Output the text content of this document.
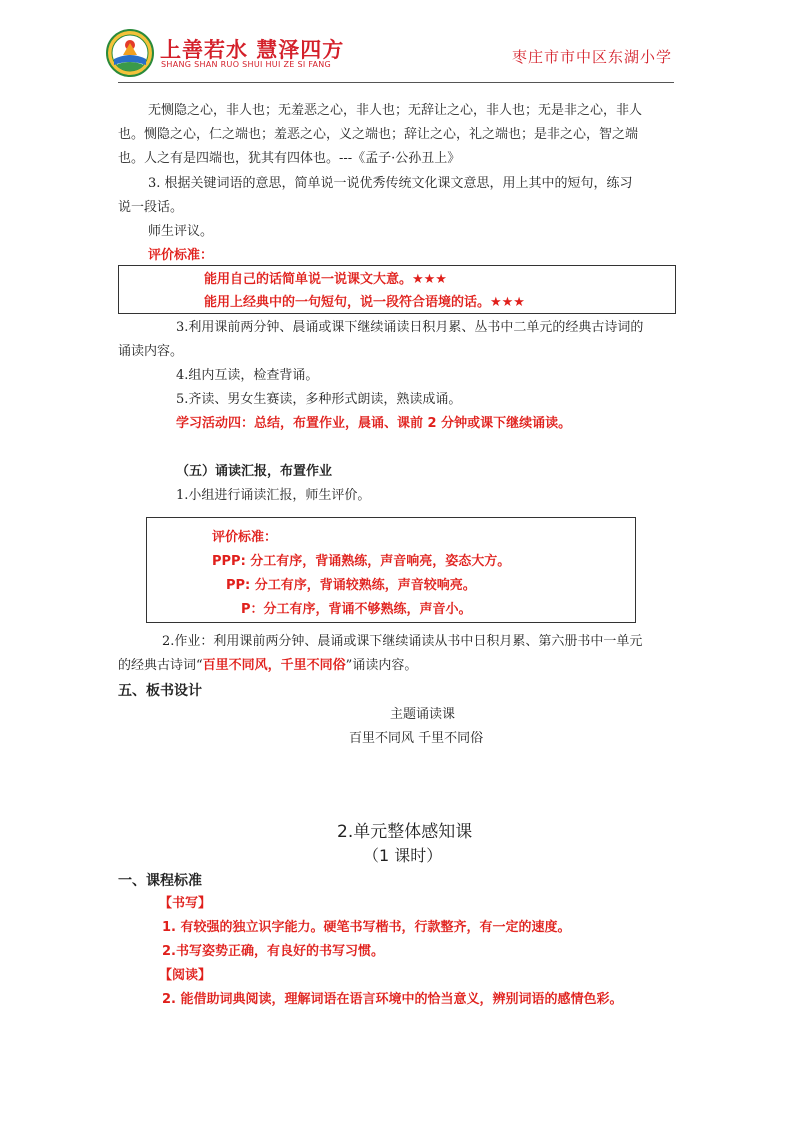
上善若水 慧泽四方
SHANG SHAN RUO SHUI HUI ZE SI FANG	枣庄市市中区东湖小学
无恻隐之心，非人也；无羞恶之心，非人也；无辞让之心，非人也；无是非之心，非人
也。恻隐之心，仁之端也；羞恶之心，义之端也；辞让之心，礼之端也；是非之心，智之端
也。人之有是四端也，犹其有四体也。---《孟子·公孙丑上》
3. 根据关键词语的意思，简单说一说优秀传统文化课文意思，用上其中的短句，练习
说一段话。
师生评议。
评价标准：
能用自己的话简单说一说课文大意。★★★
能用上经典中的一句短句，说一段符合语境的话。★★★
3.利用课前两分钟、晨诵或课下继续诵读日积月累、丛书中二单元的经典古诗词的
诵读内容。
4.组内互读，检查背诵。
5.齐读、男女生赛读，多种形式朗读，熟读成诵。
学习活动四：总结，布置作业，晨诵、课前 2 分钟或课下继续诵读。
（五）诵读汇报，布置作业
1.小组进行诵读汇报，师生评价。
评价标准：
PPP: 分工有序，背诵熟练，声音响亮，姿态大方。
PP: 分工有序，背诵较熟练，声音较响亮。
P：分工有序，背诵不够熟练，声音小。
2.作业：利用课前两分钟、晨诵或课下继续诵读从书中日积月累、第六册书中一单元
的经典古诗词“百里不同风，千里不同俗”诵读内容。
五、板书设计
主题诵读课
百里不同风 千里不同俗
2.单元整体感知课
（1 课时）
一、课程标准
【书写】
1. 有较强的独立识字能力。硬笔书写楷书，行款整齐，有一定的速度。
2.书写姿势正确，有良好的书写习惯。
【阅读】
2. 能借助词典阅读，理解词语在语言环境中的恰当意义，辨别词语的感情色彩。
